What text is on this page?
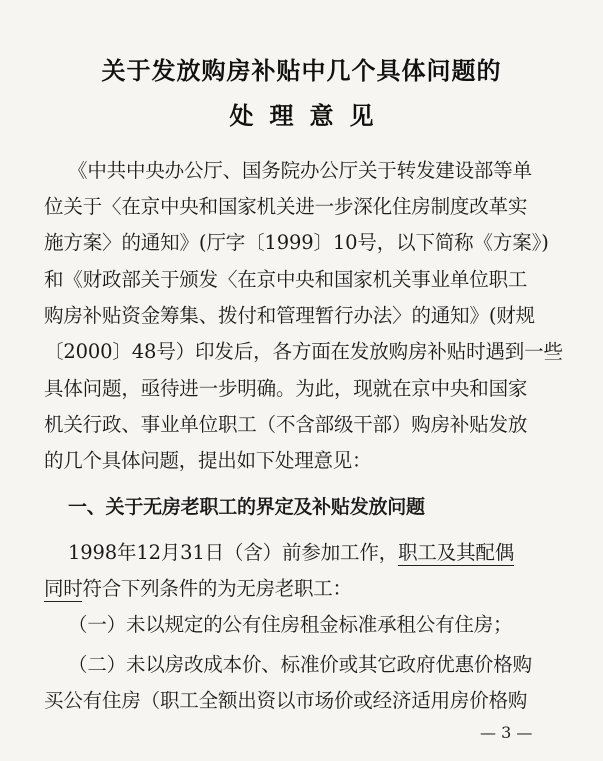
关于发放购房补贴中几个具体问题的
处理意见
《中共中央办公厅、国务院办公厅关于转发建设部等单
位关于〈在京中央和国家机关进一步深化住房制度改革实
施方案〉的通知》(厅字〔1999〕10号，以下简称《方案》)
和《财政部关于颁发〈在京中央和国家机关事业单位职工
购房补贴资金筹集、拨付和管理暂行办法〉的通知》(财规
〔2000〕48号）印发后，各方面在发放购房补贴时遇到一些
具体问题，亟待进一步明确。为此，现就在京中央和国家
机关行政、事业单位职工（不含部级干部）购房补贴发放
的几个具体问题，提出如下处理意见：
一、关于无房老职工的界定及补贴发放问题
1998年12月31日（含）前参加工作，职工及其配偶
同时符合下列条件的为无房老职工：
（一）未以规定的公有住房租金标准承租公有住房；
（二）未以房改成本价、标准价或其它政府优惠价格购
买公有住房（职工全额出资以市场价或经济适用房价格购
— 3 —
